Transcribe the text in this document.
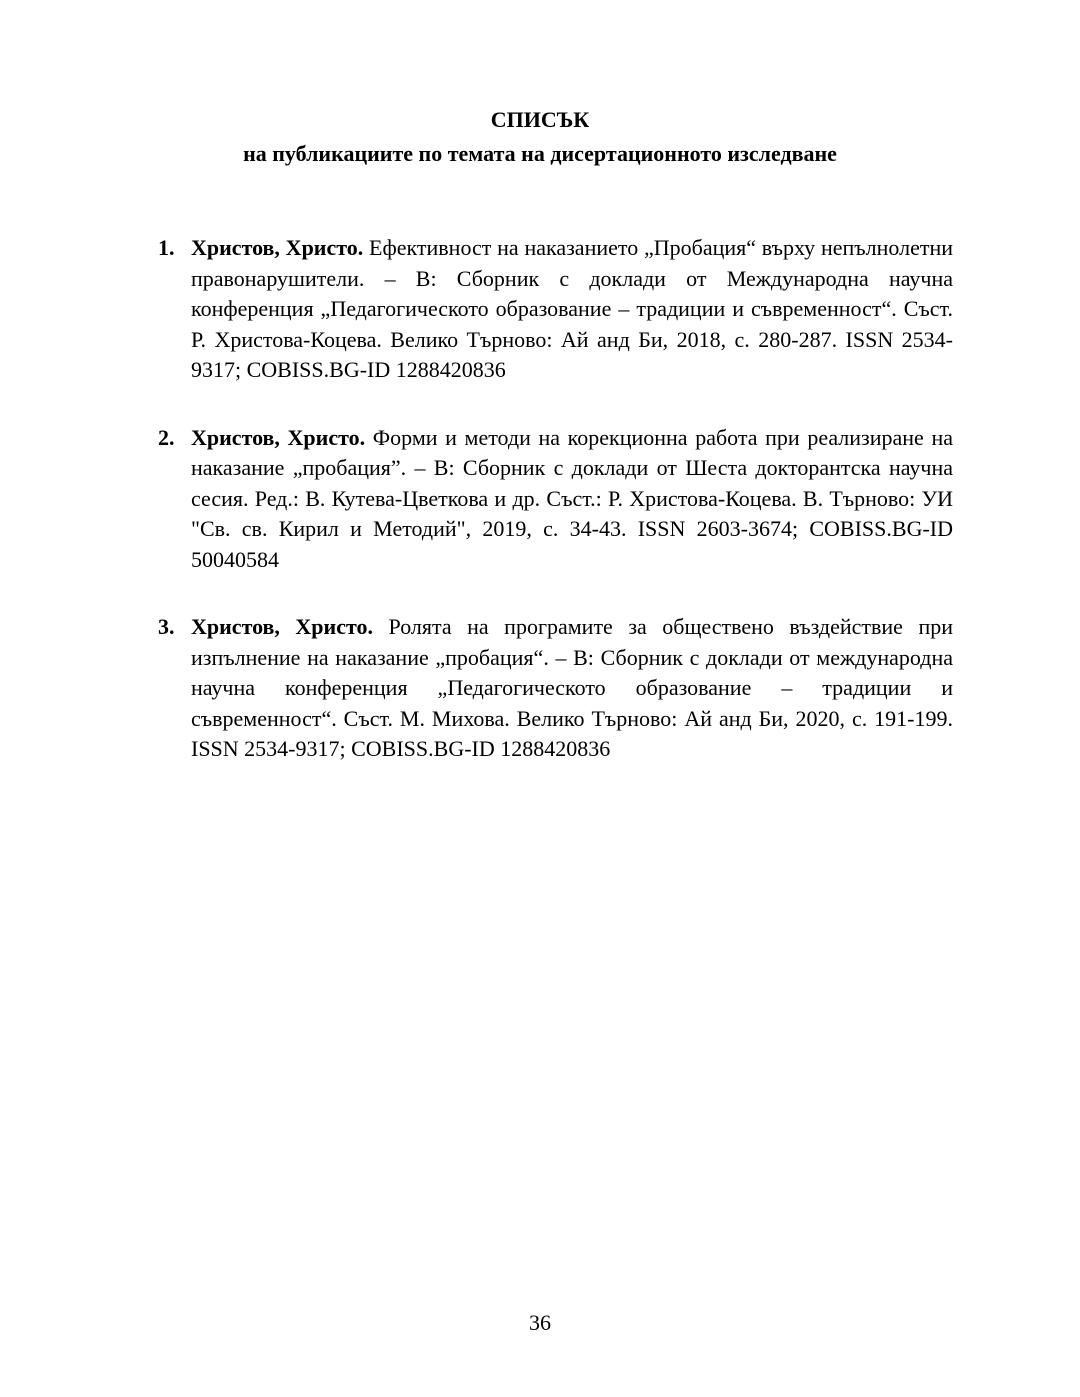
СПИСЪК
на публикациите по темата на дисертационното изследване
1. Христов, Христо. Ефективност на наказанието „Пробация“ върху непълнолетни правонарушители. – В: Сборник с доклади от Международна научна конференция „Педагогическото образование – традиции и съвременност“. Съст. Р. Христова-Коцева. Велико Търново: Ай анд Би, 2018, с. 280-287. ISSN 2534-9317; COBISS.BG-ID 1288420836
2. Христов, Христо. Форми и методи на корекционна работа при реализиране на наказание „пробация”. – В: Сборник с доклади от Шеста докторантска научна сесия. Ред.: В. Кутева-Цветкова и др. Съст.: Р. Христова-Коцева. В. Търново: УИ "Св. св. Кирил и Методий", 2019, с. 34-43. ISSN 2603-3674; COBISS.BG-ID 50040584
3. Христов, Христо. Ролята на програмите за обществено въздействие при изпълнение на наказание „пробация“. – В: Сборник с доклади от международна научна конференция „Педагогическото образование – традиции и съвременност“. Съст. М. Михова. Велико Търново: Ай анд Би, 2020, с. 191-199. ISSN 2534-9317; COBISS.BG-ID 1288420836
36
